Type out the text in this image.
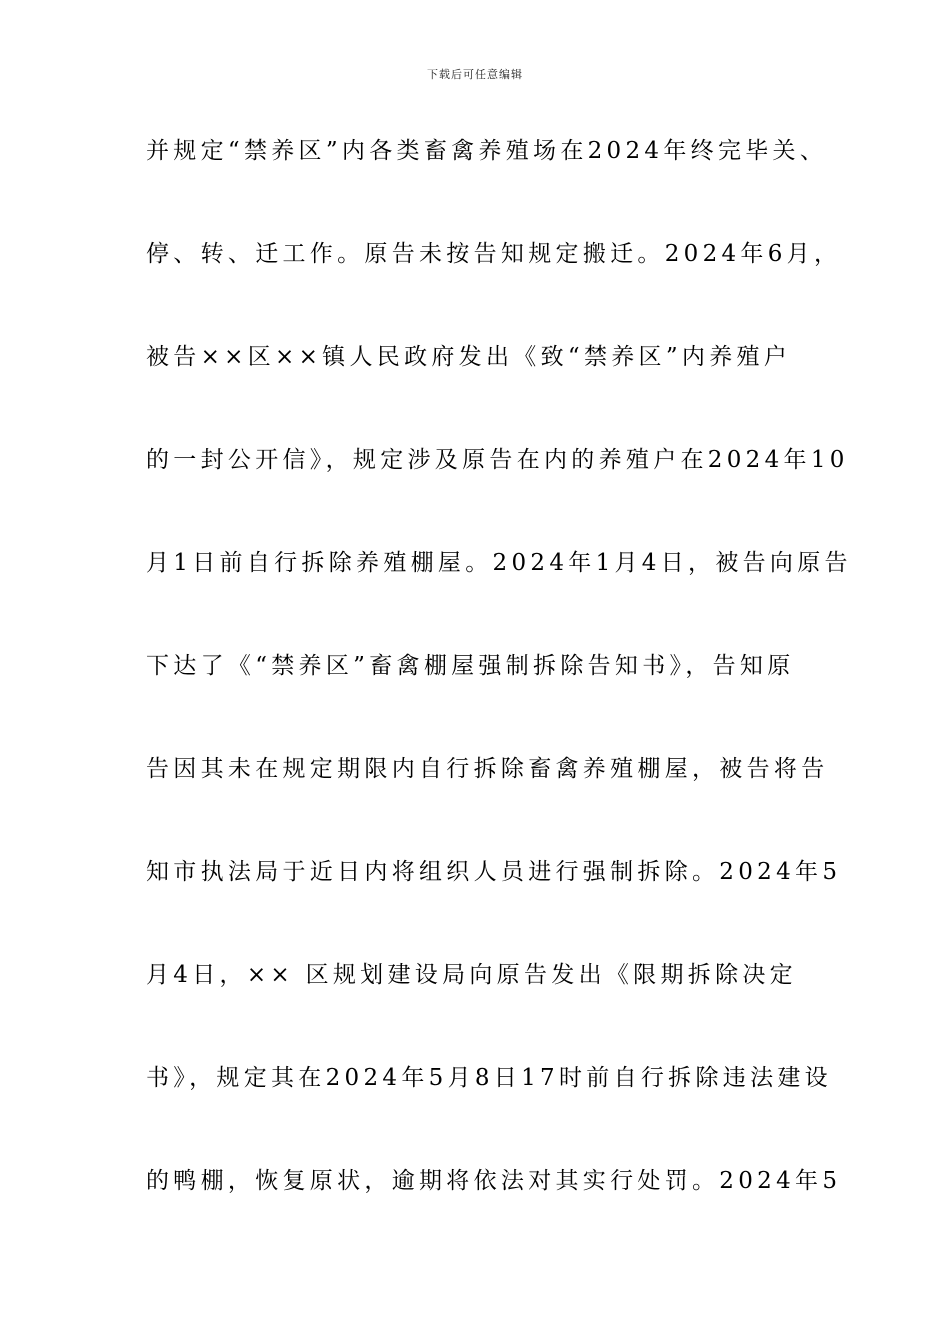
下载后可任意编辑
并规定“禁养区”内各类畜禽养殖场在2024年终完毕关、
停、转、迁工作。原告未按告知规定搬迁。2024年6月，
被告××区××镇人民政府发出《致“禁养区”内养殖户
的一封公开信》，规定涉及原告在内的养殖户在2024年10
月1日前自行拆除养殖棚屋。2024年1月4日，被告向原告
下达了《“禁养区”畜禽棚屋强制拆除告知书》，告知原
告因其未在规定期限内自行拆除畜禽养殖棚屋，被告将告
知市执法局于近日内将组织人员进行强制拆除。2024年5
月4日，×× 区规划建设局向原告发出《限期拆除决定
书》，规定其在2024年5月8日17时前自行拆除违法建设
的鸭棚，恢复原状，逾期将依法对其实行处罚。2024年5
